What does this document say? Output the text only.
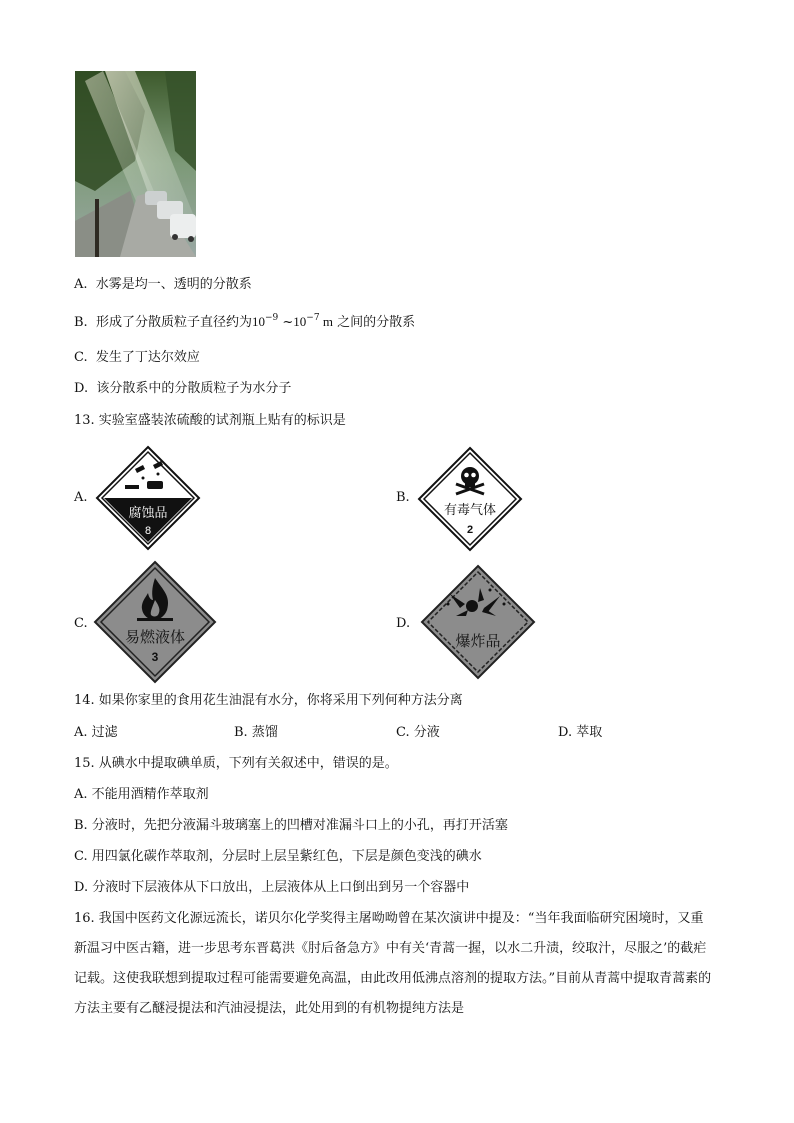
A. 水雾是均一、透明的分散系
B. 形成了分散质粒子直径约为$10^{-9}$ $\sim 10^{-7}$ m 之间的分散系
C. 发生了丁达尔效应
D. 该分散系中的分散质粒子为水分子
13. 实验室盛装浓硫酸的试剂瓶上贴有的标识是
A.
腐蚀品
8
B.
有毒气体
2
C.
易燃液体
3
D.
爆炸品
14. 如果你家里的食用花生油混有水分，你将采用下列何种方法分离
A. 过滤	B. 蒸馏	C. 分液	D. 萃取
15. 从碘水中提取碘单质，下列有关叙述中，错误的是。
A. 不能用酒精作萃取剂
B. 分液时，先把分液漏斗玻璃塞上的凹槽对准漏斗口上的小孔，再打开活塞
C. 用四氯化碳作萃取剂，分层时上层呈紫红色，下层是颜色变浅的碘水
D. 分液时下层液体从下口放出，上层液体从上口倒出到另一个容器中
16. 我国中医药文化源远流长，诺贝尔化学奖得主屠呦呦曾在某次演讲中提及：“当年我面临研究困境时，又重新温习中医古籍，进一步思考东晋葛洪《肘后备急方》中有关‘青蒿一握，以水二升渍，绞取汁，尽服之’的截疟记载。这使我联想到提取过程可能需要避免高温，由此改用低沸点溶剂的提取方法。”目前从青蒿中提取青蒿素的方法主要有乙醚浸提法和汽油浸提法，此处用到的有机物提纯方法是
